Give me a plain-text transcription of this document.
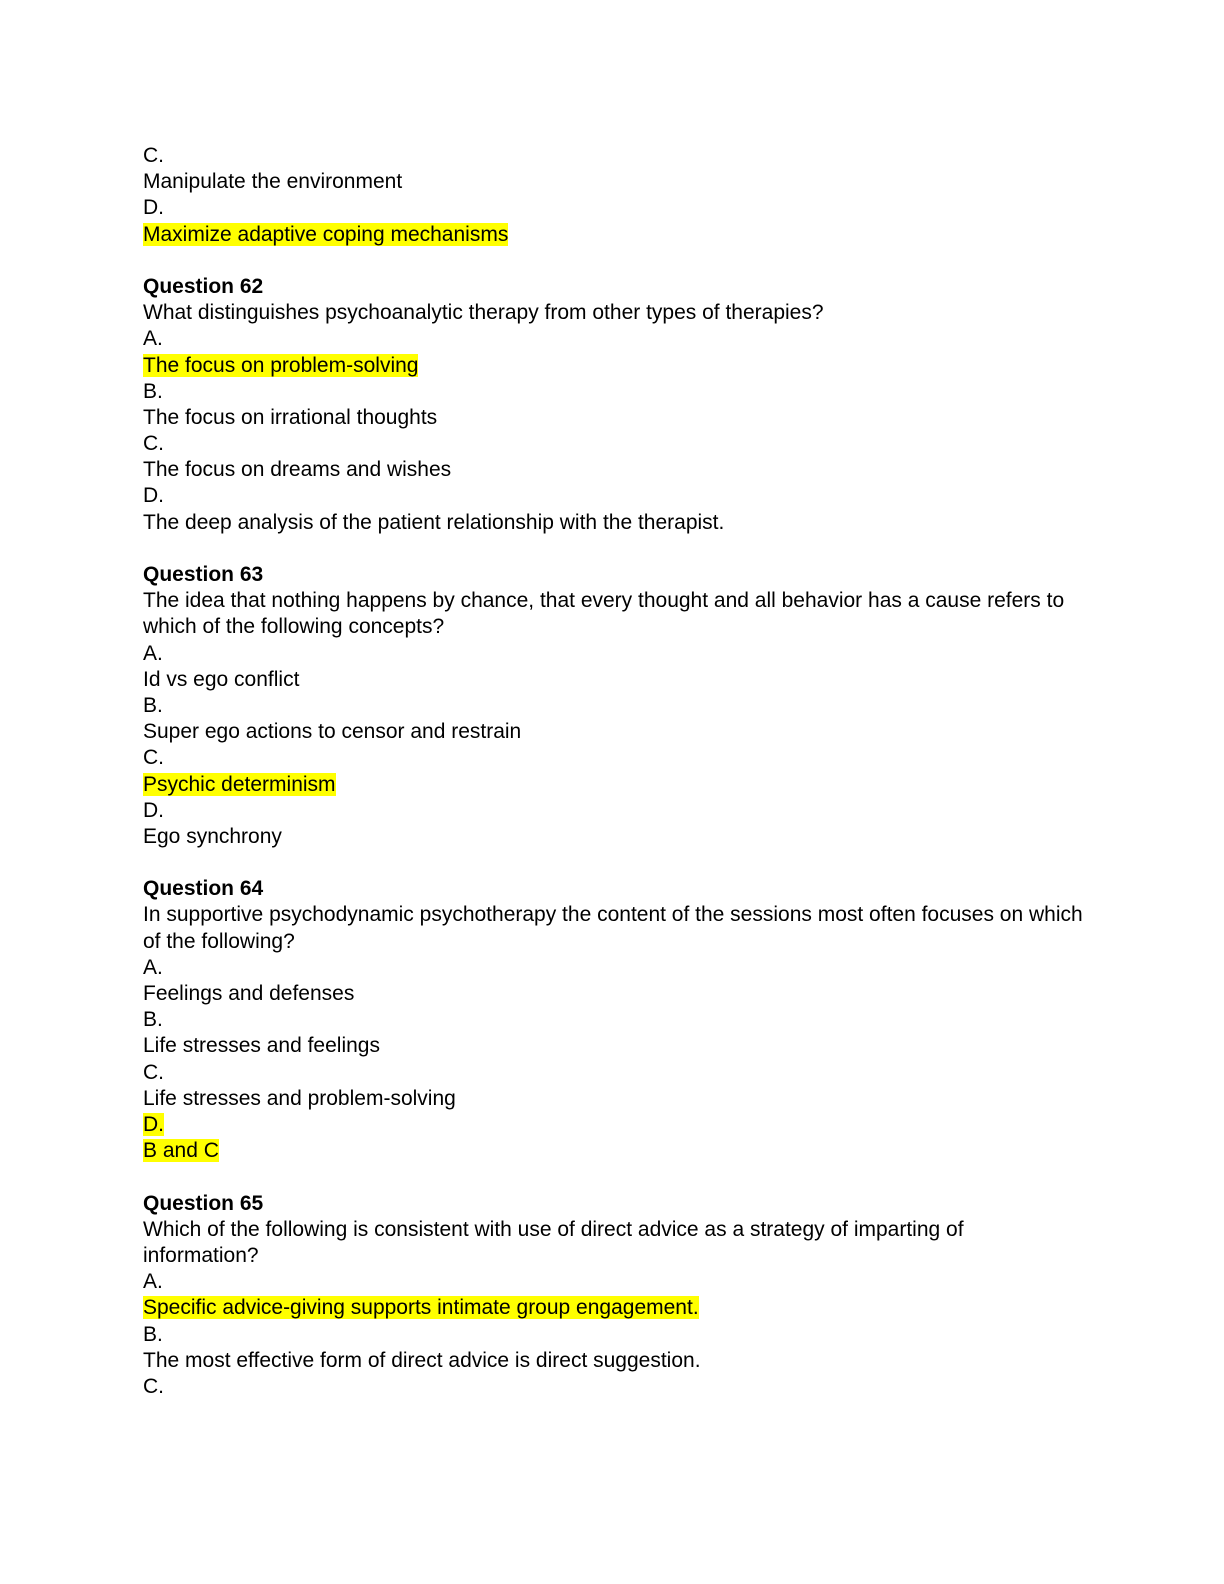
C.
Manipulate the environment
D.
Maximize adaptive coping mechanisms
Question 62
What distinguishes psychoanalytic therapy from other types of therapies?
A.
The focus on problem-solving
B.
The focus on irrational thoughts
C.
The focus on dreams and wishes
D.
The deep analysis of the patient relationship with the therapist.
Question 63
The idea that nothing happens by chance, that every thought and all behavior has a cause refers to which of the following concepts?
A.
Id vs ego conflict
B.
Super ego actions to censor and restrain
C.
Psychic determinism
D.
Ego synchrony
Question 64
In supportive psychodynamic psychotherapy the content of the sessions most often focuses on which of the following?
A.
Feelings and defenses
B.
Life stresses and feelings
C.
Life stresses and problem-solving
D.
B and C
Question 65
Which of the following is consistent with use of direct advice as a strategy of imparting of information?
A.
Specific advice-giving supports intimate group engagement.
B.
The most effective form of direct advice is direct suggestion.
C.
